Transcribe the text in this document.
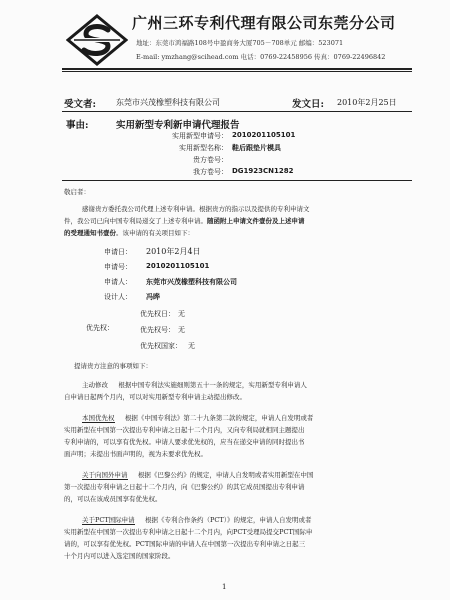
广州三环专利代理有限公司东莞分公司
地址：东莞市鸿福路108号中盈商务大厦705－708单元 邮编：523071
E-mail: ymzhang@scihead.com 电话：0769-22458956 传真：0769-22496842
受文者: 东莞市兴茂橡塑科技有限公司	发文日: 2010年2月25日
事由:	实用新型专利新申请代理报告
实用新型申请号： 2010201105101
实用新型名称： 鞋后跟垫片模具
贵方卷号：
我方卷号： DG1923CN1282
敬启者：
感谢贵方委托我公司代理上述专利申请。根据贵方的指示以及提供的专利申请文
件，我公司已向中国专利局递交了上述专利申请。随函附上申请文件壹份及上述申请
的受理通知书壹份。该申请的有关项目如下：
申请日： 2010年2月4日
申请号： 2010201105101
申请人： 东莞市兴茂橡塑科技有限公司
设计人： 冯晔
优先权日： 无
优先权：	优先权号： 无
优先权国家： 无
提请贵方注意的事项如下：
主动修改 根据中国专利法实施细则第五十一条的规定，实用新型专利申请人
自申请日起两个月内，可以对实用新型专利申请主动提出修改。
本国优先权 根据《中国专利法》第二十九条第二款的规定，申请人自发明或者
实用新型在中国第一次提出专利申请之日起十二个月内，又向专利局就相同主题提出
专利申请的，可以享有优先权。申请人要求优先权的，应当在递交申请的同时提出书
面声明；未提出书面声明的，视为未要求优先权。
关于向国外申请 根据《巴黎公约》的规定，申请人自发明或者实用新型在中国
第一次提出专利申请之日起十二个月内，向《巴黎公约》的其它成员国提出专利申请
的，可以在该成员国享有优先权。
关于PCT国际申请 根据《专利合作条约（PCT）》的规定，申请人自发明或者
实用新型在中国第一次提出专利申请之日起十二个月内，向PCT受理局提交PCT国际申
请的，可以享有优先权。PCT国际申请的申请人在中国第一次提出专利申请之日起三
十个月内可以进入选定国的国家阶段。
1
